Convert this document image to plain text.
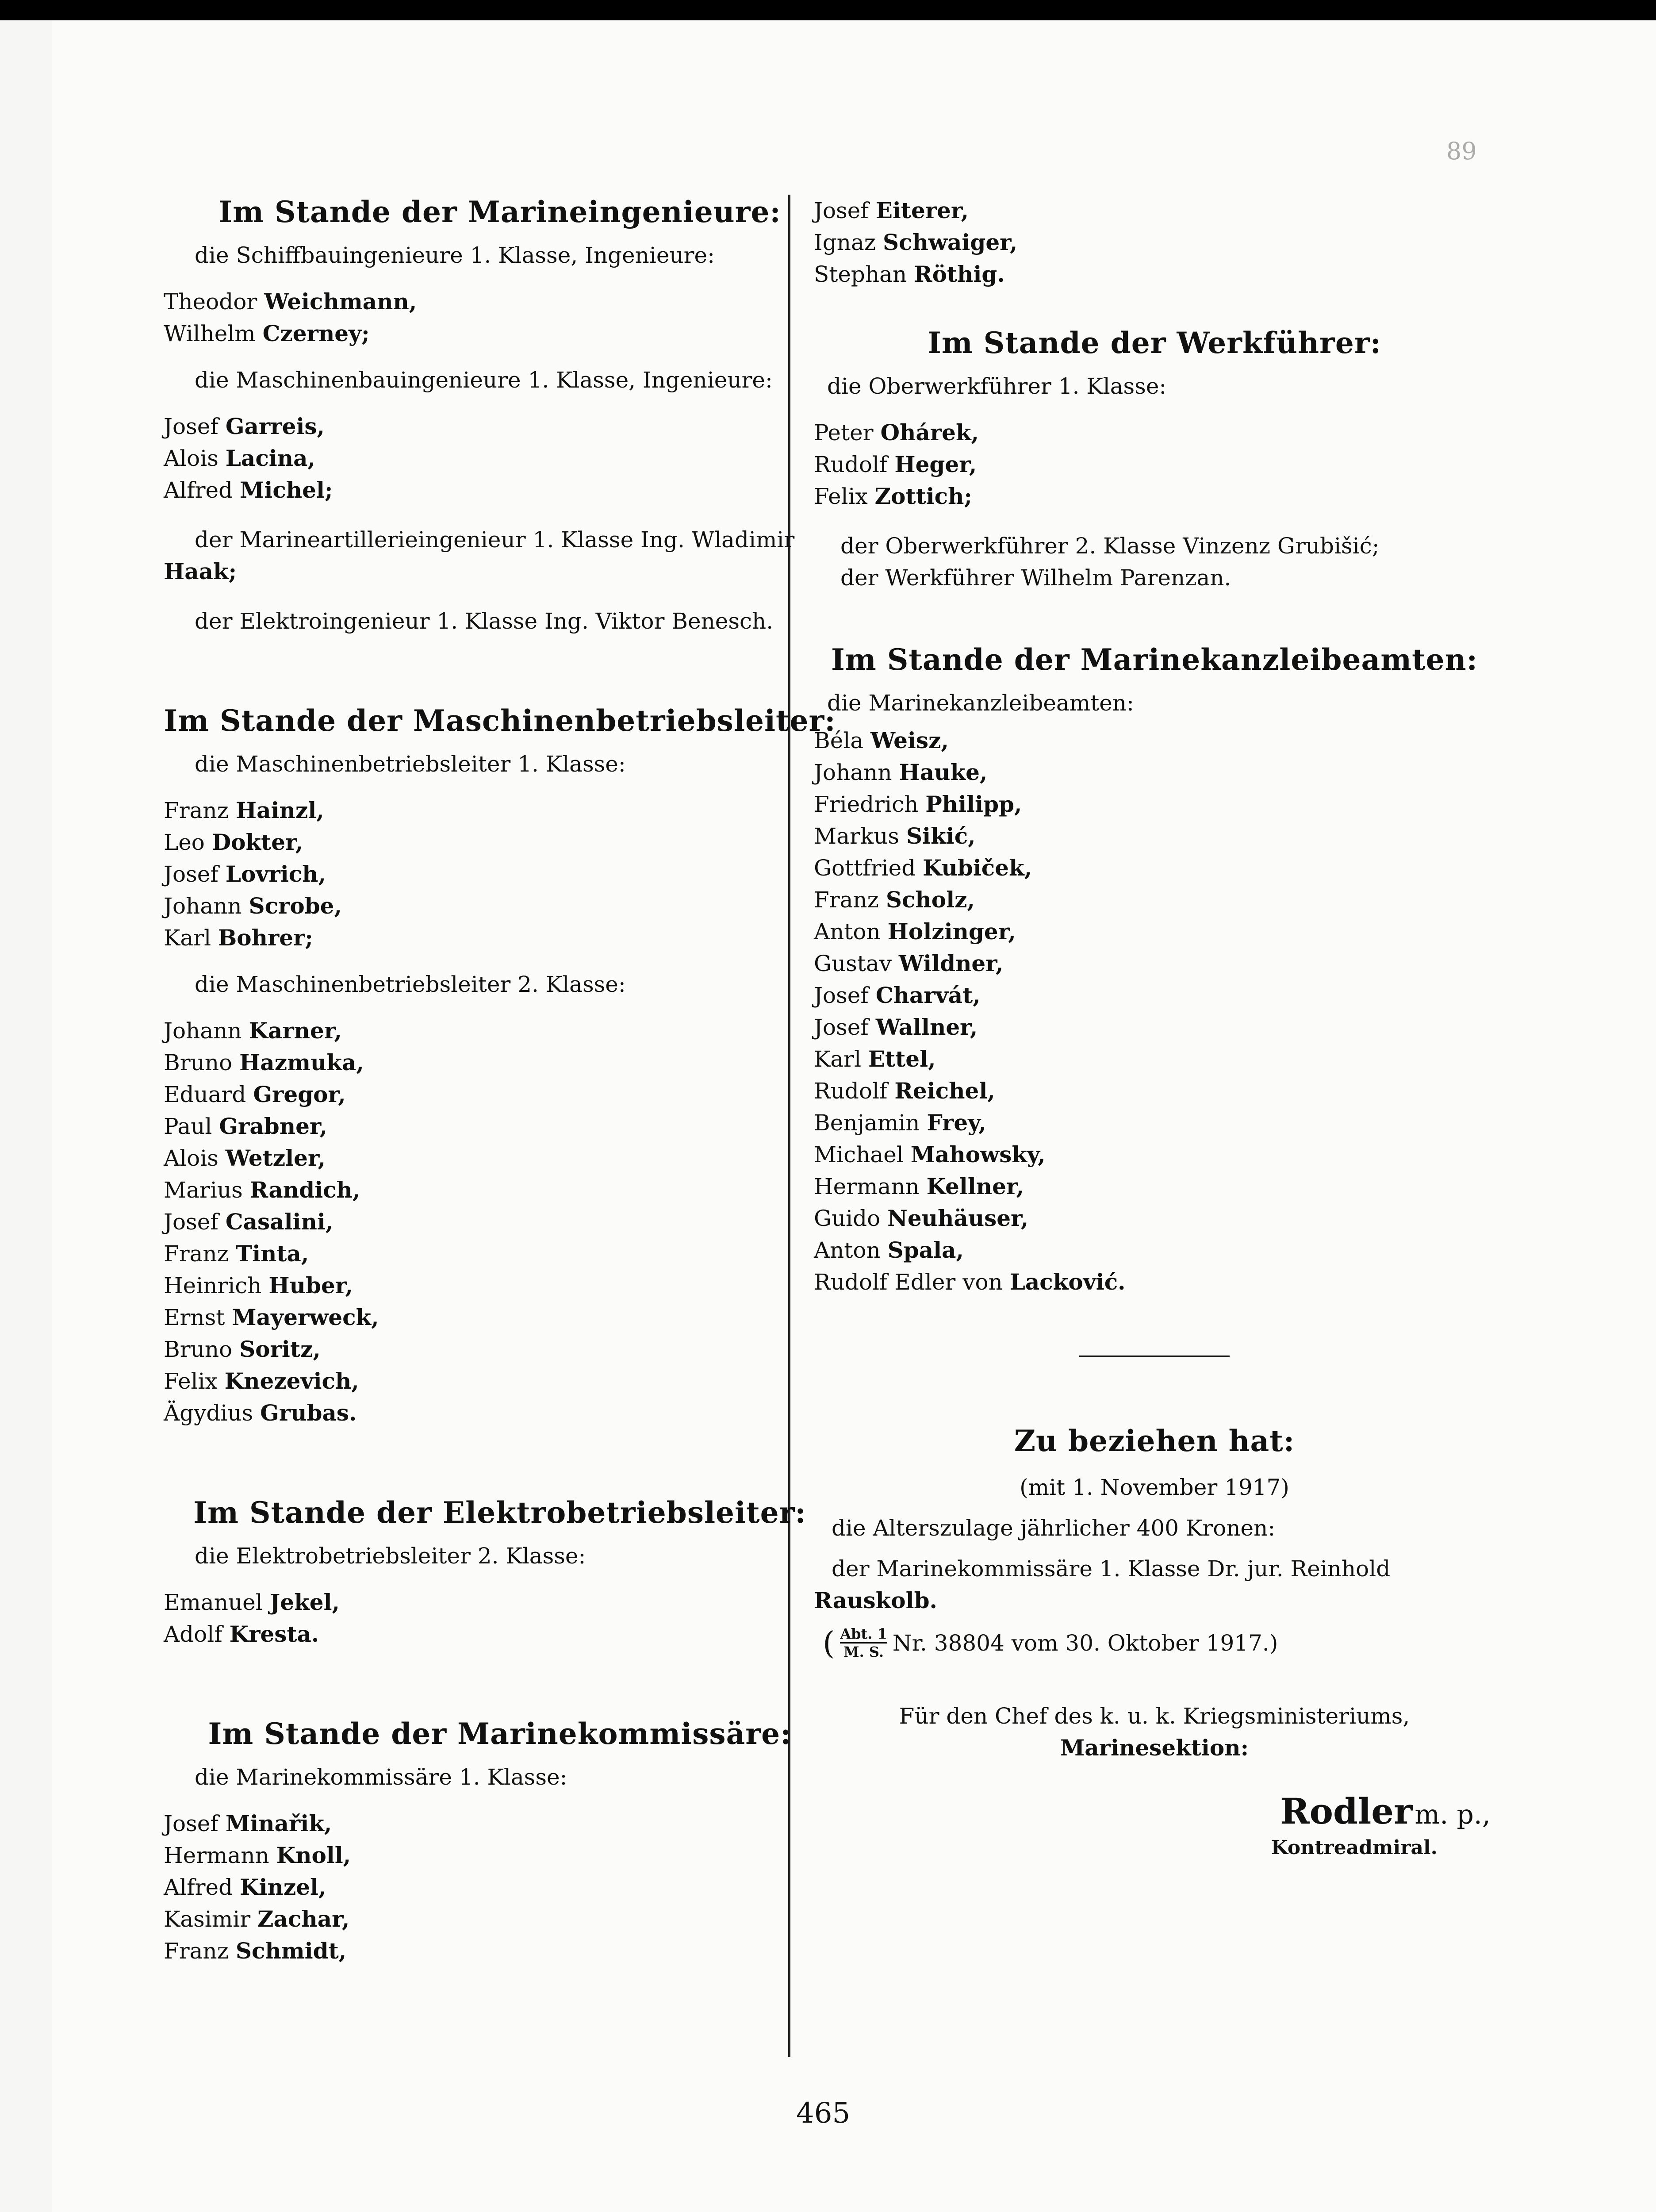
89
Im Stande der Marineingenieure:
die Schiffbauingenieure 1. Klasse, Ingenieure:
Theodor Weichmann,
Wilhelm Czerney;
die Maschinenbauingenieure 1. Klasse, Ingenieure:
Josef Garreis,
Alois Lacina,
Alfred Michel;
der Marineartillerieingenieur 1. Klasse Ing. Wladimir
Haak;
der Elektroingenieur 1. Klasse Ing. Viktor Benesch.
Im Stande der Maschinenbetriebsleiter:
die Maschinenbetriebsleiter 1. Klasse:
Franz Hainzl,
Leo Dokter,
Josef Lovrich,
Johann Scrobe,
Karl Bohrer;
die Maschinenbetriebsleiter 2. Klasse:
Johann Karner,
Bruno Hazmuka,
Eduard Gregor,
Paul Grabner,
Alois Wetzler,
Marius Randich,
Josef Casalini,
Franz Tinta,
Heinrich Huber,
Ernst Mayerweck,
Bruno Soritz,
Felix Knezevich,
Ägydius Grubas.
Im Stande der Elektrobetriebsleiter:
die Elektrobetriebsleiter 2. Klasse:
Emanuel Jekel,
Adolf Kresta.
Im Stande der Marinekommissäre:
die Marinekommissäre 1. Klasse:
Josef Minařik,
Hermann Knoll,
Alfred Kinzel,
Kasimir Zachar,
Franz Schmidt,
Josef Eiterer,
Ignaz Schwaiger,
Stephan Röthig.
Im Stande der Werkführer:
die Oberwerkführer 1. Klasse:
Peter Ohárek,
Rudolf Heger,
Felix Zottich;
der Oberwerkführer 2. Klasse Vinzenz Grubišić;
der Werkführer Wilhelm Parenzan.
Im Stande der Marinekanzleibeamten:
die Marinekanzleibeamten:
Béla Weisz,
Johann Hauke,
Friedrich Philipp,
Markus Sikić,
Gottfried Kubiček,
Franz Scholz,
Anton Holzinger,
Gustav Wildner,
Josef Charvát,
Josef Wallner,
Karl Ettel,
Rudolf Reichel,
Benjamin Frey,
Michael Mahowsky,
Hermann Kellner,
Guido Neuhäuser,
Anton Spala,
Rudolf Edler von Lacković.
Zu beziehen hat:
(mit 1. November 1917)
die Alterszulage jährlicher 400 Kronen:
der Marinekommissäre 1. Klasse Dr. jur. Reinhold
Rauskolb.
( Abt. 1
M. S. Nr. 38804 vom 30. Oktober 1917.)
Für den Chef des k. u. k. Kriegsministeriums,
Marinesektion:
Rodler m. p.,
Kontreadmiral.
465
